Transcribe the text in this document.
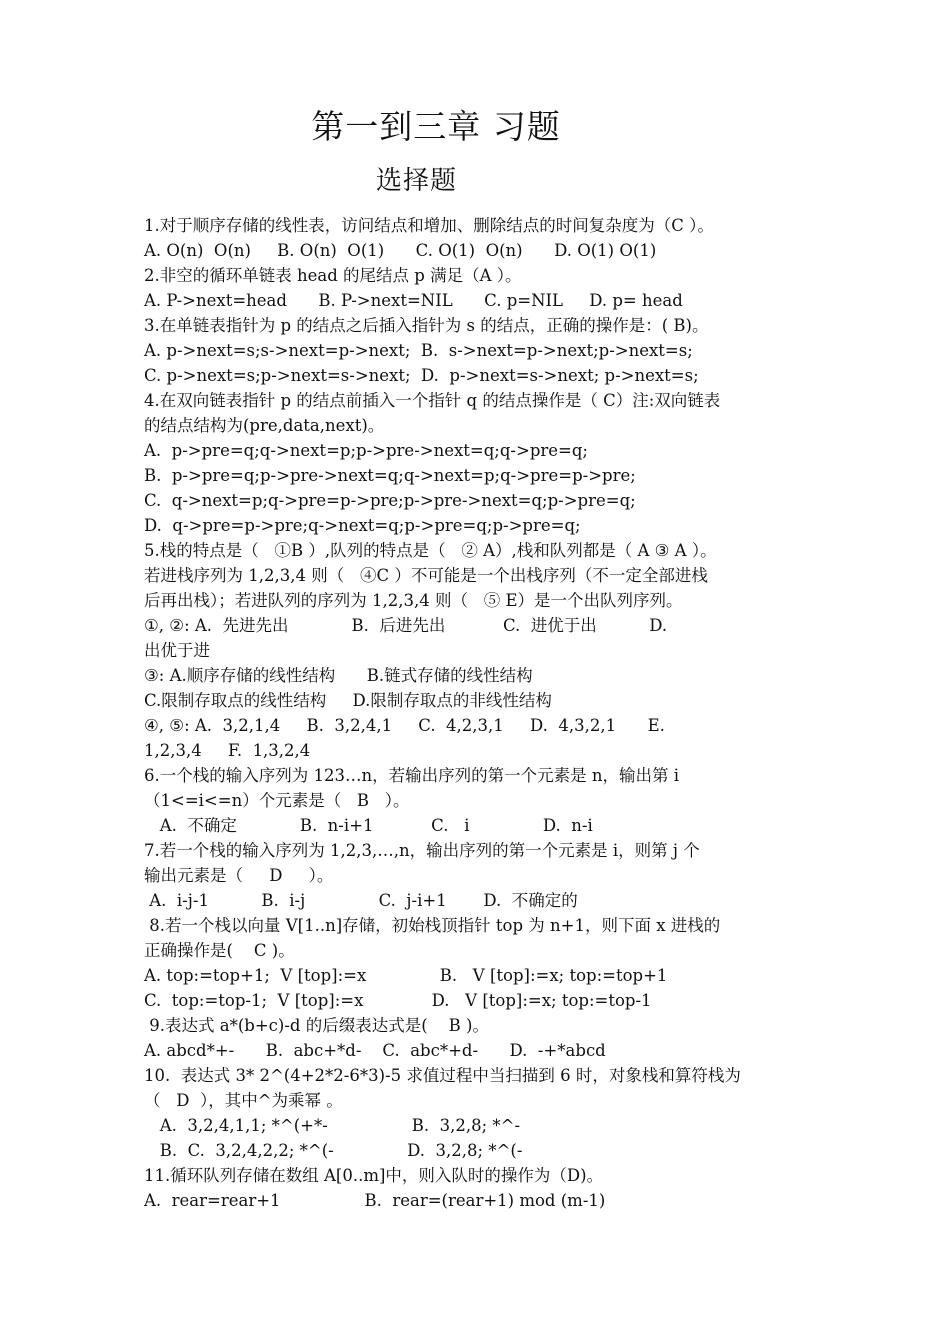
第一到三章 习题
选择题
1.对于顺序存储的线性表，访问结点和增加、删除结点的时间复杂度为（C ）。
A. O(n)  O(n)     B. O(n)  O(1)      C. O(1)  O(n)      D. O(1) O(1)
2.非空的循环单链表 head 的尾结点 p 满足（A ）。
A. P->next=head      B. P->next=NIL      C. p=NIL     D. p= head
3.在单链表指针为 p 的结点之后插入指针为 s 的结点，正确的操作是：( B)。
A. p->next=s;s->next=p->next;  B.  s->next=p->next;p->next=s;
C. p->next=s;p->next=s->next;  D.  p->next=s->next; p->next=s;
4.在双向链表指针 p 的结点前插入一个指针 q 的结点操作是（ C）注:双向链表
的结点结构为(pre,data,next)。
A.  p->pre=q;q->next=p;p->pre->next=q;q->pre=q;
B.  p->pre=q;p->pre->next=q;q->next=p;q->pre=p->pre;
C.  q->next=p;q->pre=p->pre;p->pre->next=q;p->pre=q;
D.  q->pre=p->pre;q->next=q;p->pre=q;p->pre=q;
5.栈的特点是（   ①B ）,队列的特点是（   ② A）,栈和队列都是（ A ③ A ）。
若进栈序列为 1,2,3,4 则（   ④C ）不可能是一个出栈序列（不一定全部进栈
后再出栈）；若进队列的序列为 1,2,3,4 则（   ⑤ E）是一个出队列序列。
①, ②: A.  先进先出            B.  后进先出           C.  进优于出          D.
出优于进
③: A.顺序存储的线性结构      B.链式存储的线性结构
C.限制存取点的线性结构     D.限制存取点的非线性结构
④, ⑤: A.  3,2,1,4     B.  3,2,4,1     C.  4,2,3,1     D.  4,3,2,1      E.
1,2,3,4     F.  1,3,2,4
6.一个栈的输入序列为 123…n，若输出序列的第一个元素是 n，输出第 i
（1<=i<=n）个元素是（   B   ）。
A.  不确定            B.  n-i+1           C.   i              D.  n-i
7.若一个栈的输入序列为 1,2,3,…,n，输出序列的第一个元素是 i，则第 j 个
输出元素是（     D     ）。
A.  i-j-1          B.  i-j              C.  j-i+1       D.  不确定的
8.若一个栈以向量 V[1..n]存储，初始栈顶指针 top 为 n+1，则下面 x 进栈的
正确操作是(    C )。
A. top:=top+1;  V [top]:=x              B.   V [top]:=x; top:=top+1
C.  top:=top-1;  V [top]:=x             D.   V [top]:=x; top:=top-1
9.表达式 a*(b+c)-d 的后缀表达式是(    B )。
A. abcd*+-      B.  abc+*d-    C.  abc*+d-      D.  -+*abcd
10.  表达式 3* 2^(4+2*2-6*3)-5 求值过程中当扫描到 6 时，对象栈和算符栈为
（   D  ），其中^为乘幂 。
A.  3,2,4,1,1; *^(+*-                B.  3,2,8; *^-
B.  C.  3,2,4,2,2; *^(-              D.  3,2,8; *^(-
11.循环队列存储在数组 A[0..m]中，则入队时的操作为（D)。
A.  rear=rear+1                B.  rear=(rear+1) mod (m-1)
